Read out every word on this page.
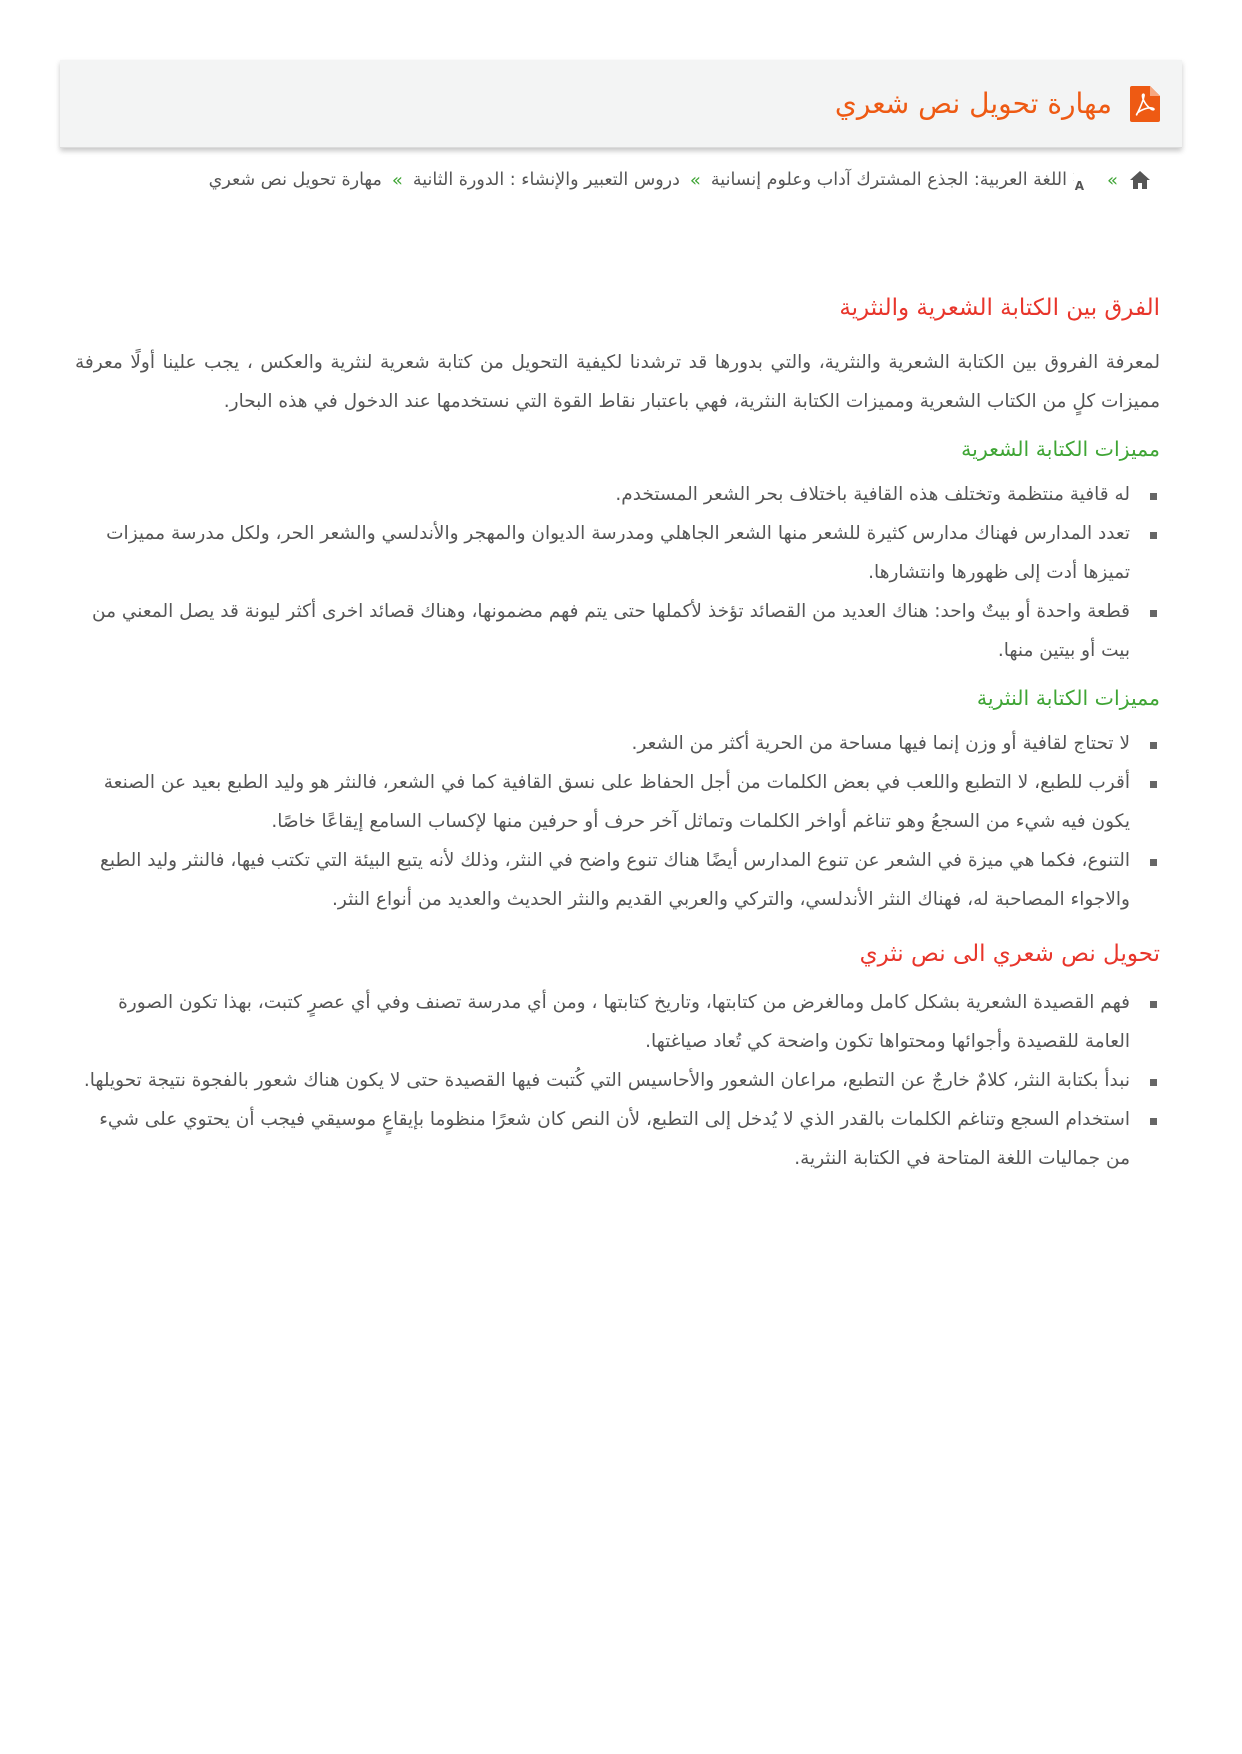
مهارة تحويل نص شعري
»
A
اللغة العربية: الجذع المشترك آداب وعلوم إنسانية
»
دروس التعبير والإنشاء : الدورة الثانية
»
مهارة تحويل نص شعري
الفرق بين الكتابة الشعرية والنثرية

لمعرفة الفروق بين الكتابة الشعرية والنثرية، والتي بدورها قد ترشدنا لكيفية التحويل من كتابة شعرية لنثرية والعكس ، يجب علينا أولًا معرفة مميزات كلٍ من الكتاب الشعرية ومميزات الكتابة النثرية، فهي باعتبار نقاط القوة التي نستخدمها عند الدخول في هذه البحار.

مميزات الكتابة الشعرية
له قافية منتظمة وتختلف هذه القافية باختلاف بحر الشعر المستخدم.
تعدد المدارس فهناك مدارس كثيرة للشعر منها الشعر الجاهلي ومدرسة الديوان والمهجر والأندلسي والشعر الحر، ولكل مدرسة مميزات تميزها أدت إلى ظهورها وانتشارها.
قطعة واحدة أو بيتٌ واحد: هناك العديد من القصائد تؤخذ لأكملها حتى يتم فهم مضمونها، وهناك قصائد اخرى أكثر ليونة قد يصل المعني من بيت أو بيتين منها.
مميزات الكتابة النثرية
لا تحتاج لقافية أو وزن إنما فيها مساحة من الحرية أكثر من الشعر.
أقرب للطبع، لا التطبع واللعب في بعض الكلمات من أجل الحفاظ على نسق القافية كما في الشعر، فالنثر هو وليد الطبع بعيد عن الصنعة يكون فيه شيء من السجعُ وهو تناغم أواخر الكلمات وتماثل آخر حرف أو حرفين منها لإكساب السامع إيقاعًا خاصًا.
التنوع، فكما هي ميزة في الشعر عن تنوع المدارس أيضًا هناك تنوع واضح في النثر، وذلك لأنه يتبع البيئة التي تكتب فيها، فالنثر وليد الطبع والاجواء المصاحبة له، فهناك النثر الأندلسي، والتركي والعربي القديم والنثر الحديث والعديد من أنواع النثر.
تحويل نص شعري الى نص نثري
فهم القصيدة الشعرية بشكل كامل ومالغرض من كتابتها، وتاريخ كتابتها ، ومن أي مدرسة تصنف وفي أي عصرٍ كتبت، بهذا تكون الصورة العامة للقصيدة وأجوائها ومحتواها تكون واضحة كي تُعاد صياغتها.
نبدأ بكتابة النثر، كلامٌ خارجٌ عن التطبع، مراعان الشعور والأحاسيس التي كُتبت فيها القصيدة حتى لا يكون هناك شعور بالفجوة نتيجة تحويلها.
استخدام السجع وتناغم الكلمات بالقدر الذي لا يُدخل إلى التطبع، لأن النص كان شعرًا منظوما بإيقاعٍ موسيقي فيجب أن يحتوي على شيء من جماليات اللغة المتاحة في الكتابة النثرية.
